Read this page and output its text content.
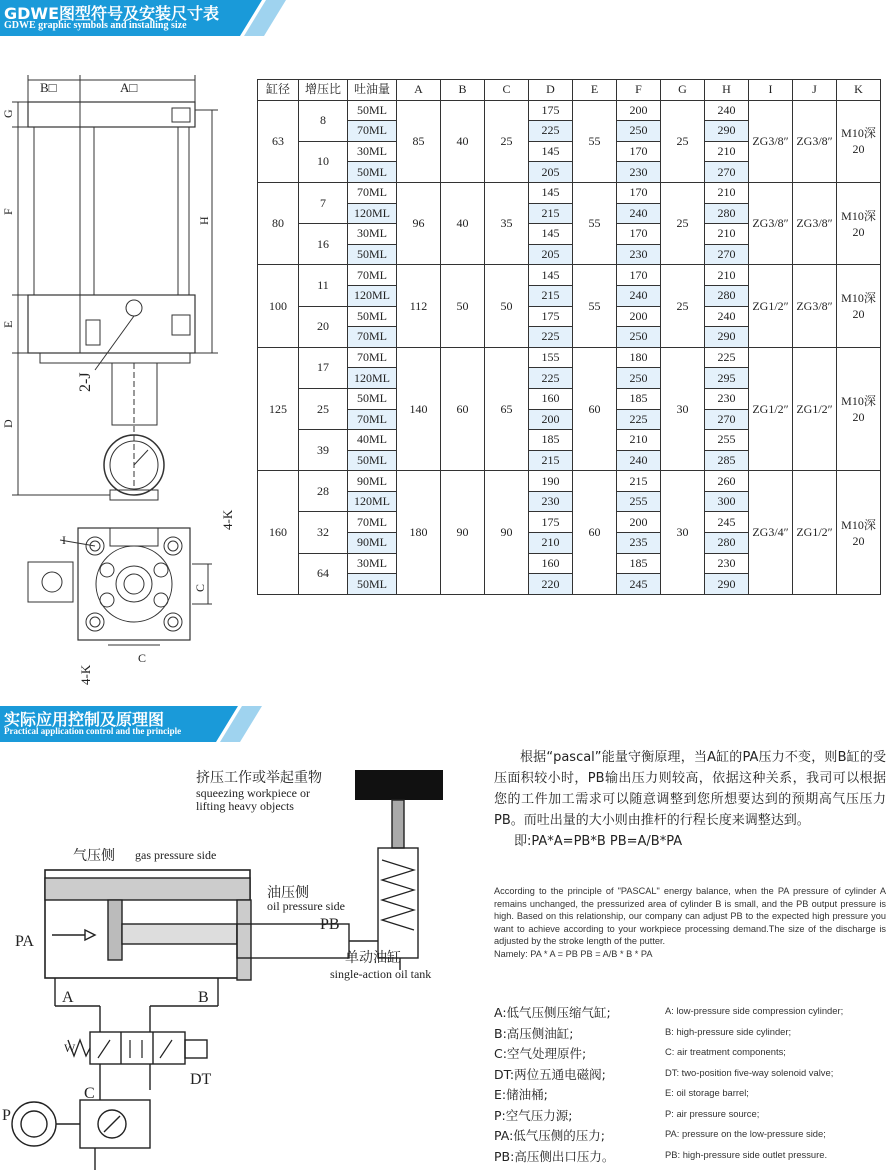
GDWE图型符号及安装尺寸表
GDWE graphic symbols and installing size
B□	A□
2-J
G
F
E
D
H
I
C
4-K
C
4-K
缸径	增压比	吐油量	A	B	C	D	E	F	G	H	I	J	K
63	8	50ML	85	40	25	175	55	200	25	240	ZG3/8″	ZG3/8″	M10深20
		70ML				225		250		290			
	10	30ML				145		170		210			
		50ML				205		230		270			
80	7	70ML	96	40	35	145	55	170	25	210	ZG3/8″	ZG3/8″	M10深20
		120ML				215		240		280			
	16	30ML				145		170		210			
		50ML				205		230		270			
100	11	70ML	112	50	50	145	55	170	25	210	ZG1/2″	ZG3/8″	M10深20
		120ML				215		240		280			
	20	50ML				175		200		240			
		70ML				225		250		290			
125	17	70ML	140	60	65	155	60	180	30	225	ZG1/2″	ZG1/2″	M10深20
		120ML				225		250		295			
	25	50ML				160		185		230			
		70ML				200		225		270			
	39	40ML				185		210		255			
		50ML				215		240		285			
160	28	90ML	180	90	90	190	60	215	30	260	ZG3/4″	ZG1/2″	M10深20
		120ML				230		255		300			
	32	70ML				175		200		245			
		90ML				210		235		280			
	64	30ML				160		185		230			
		50ML				220		245		290			
实际应用控制及原理图
Practical application control and the principle
挤压工作或举起重物
squeezing workpiece or
lifting heavy objects
气压侧 gas pressure side
PA
油压侧
oil pressure side
PB
单动油缸
single-action oil tank
A	B
W
DT
C
P
根据“pascal”能量守衡原理，当A缸的PA压力不变，则B缸的受压面积较小时，PB输出压力则较高，依据这种关系，我司可以根据您的工件加工需求可以随意调整到您所想要达到的预期高气压压力PB。而吐出量的大小则由推杆的行程长度来调整达到。
即:PA*A=PB*B PB=A/B*PA
According to the principle of "PASCAL" energy balance, when the PA pressure of cylinder A remains unchanged, the pressurized area of cylinder B is small, and the PB output pressure is high. Based on this relationship, our company can adjust PB to the expected high pressure you want to achieve according to your workpiece processing demand.The size of the discharge is adjusted by the stroke length of the putter.
Namely: PA * A = PB PB = A/B * B * PA
A:低气压侧压缩气缸;	A: low-pressure side compression cylinder;
B:高压侧油缸;	B: high-pressure side cylinder;
C:空气处理原件;	C: air treatment components;
DT:两位五通电磁阀;	DT: two-position five-way solenoid valve;
E:储油桶;	E: oil storage barrel;
P:空气压力源;	P: air pressure source;
PA:低气压侧的压力;	PA: pressure on the low-pressure side;
PB:高压侧出口压力。	PB: high-pressure side outlet pressure.
